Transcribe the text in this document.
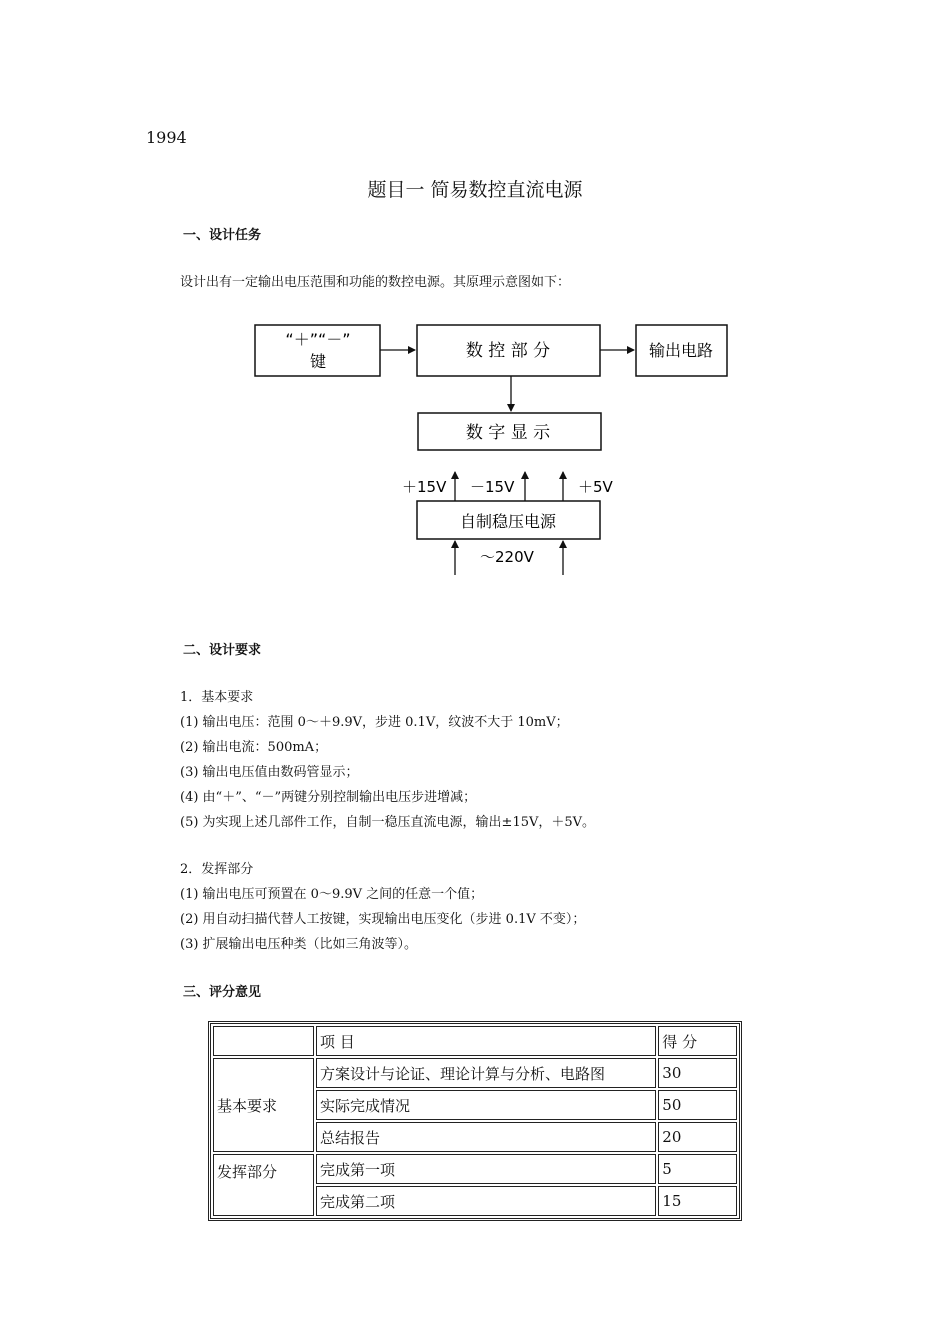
1994
题目一 简易数控直流电源
一、设计任务
设计出有一定输出电压范围和功能的数控电源。其原理示意图如下：
“＋”“－”
键
数 控 部 分	输出电路
数 字 显 示
自制稳压电源
＋15V －15V	＋5V
～220V
二、设计要求
1．基本要求
(1) 输出电压：范围 0～＋9.9V，步进 0.1V，纹波不大于 10mV；
(2) 输出电流：500mA；
(3) 输出电压值由数码管显示；
(4) 由“＋”、“－”两键分别控制输出电压步进增减；
(5) 为实现上述几部件工作，自制一稳压直流电源，输出±15V，＋5V。
2．发挥部分
(1) 输出电压可预置在 0～9.9V 之间的任意一个值；
(2) 用自动扫描代替人工按键，实现输出电压变化（步进 0.1V 不变）；
(3) 扩展输出电压种类（比如三角波等）。
三、评分意见
	项 目	得 分
基本要求	方案设计与论证、理论计算与分析、电路图	30
	实际完成情况	50
	总结报告	20
发挥部分	完成第一项	5
	完成第二项	15
